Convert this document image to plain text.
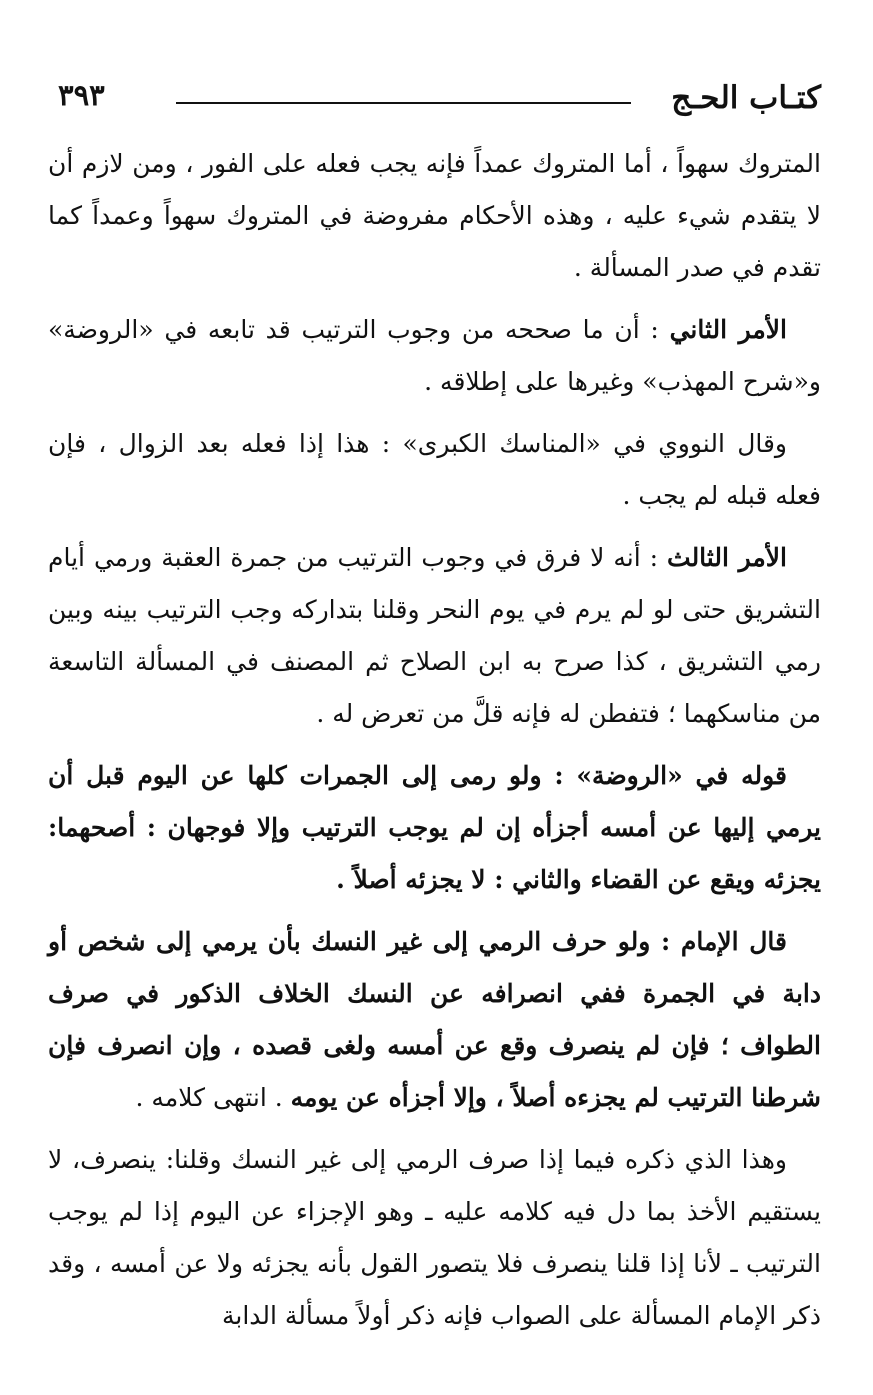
كتـاب الحـج
٣٩٣

المتروك سهواً ، أما المتروك عمداً فإنه يجب فعله على الفور ، ومن لازم أن لا يتقدم شيء عليه ، وهذه الأحكام مفروضة في المتروك سهواً وعمداً كما تقدم في صدر المسألة .

الأمر الثاني : أن ما صححه من وجوب الترتيب قد تابعه في «الروضة» و«شرح المهذب» وغيرها على إطلاقه .

وقال النووي في «المناسك الكبرى» : هذا إذا فعله بعد الزوال ، فإن فعله قبله لم يجب .

الأمر الثالث : أنه لا فرق في وجوب الترتيب من جمرة العقبة ورمي أيام التشريق حتى لو لم يرم في يوم النحر وقلنا بتداركه وجب الترتيب بينه وبين رمي التشريق ، كذا صرح به ابن الصلاح ثم المصنف في المسألة التاسعة من مناسكهما ؛ فتفطن له فإنه قلَّ من تعرض له .

قوله في «الروضة» : ولو رمى إلى الجمرات كلها عن اليوم قبل أن يرمي إليها عن أمسه أجزأه إن لم يوجب الترتيب وإلا فوجهان : أصحهما: يجزئه ويقع عن القضاء والثاني : لا يجزئه أصلاً .

قال الإمام : ولو حرف الرمي إلى غير النسك بأن يرمي إلى شخص أو دابة في الجمرة ففي انصرافه عن النسك الخلاف الذكور في صرف الطواف ؛ فإن لم ينصرف وقع عن أمسه ولغى قصده ، وإن انصرف فإن شرطنا الترتيب لم يجزءه أصلاً ، وإلا أجزأه عن يومه . انتهى كلامه .

وهذا الذي ذكره فيما إذا صرف الرمي إلى غير النسك وقلنا: ينصرف، لا يستقيم الأخذ بما دل فيه كلامه عليه ـ وهو الإجزاء عن اليوم إذا لم يوجب الترتيب ـ لأنا إذا قلنا ينصرف فلا يتصور القول بأنه يجزئه ولا عن أمسه ، وقد ذكر الإمام المسألة على الصواب فإنه ذكر أولاً مسألة الدابة
